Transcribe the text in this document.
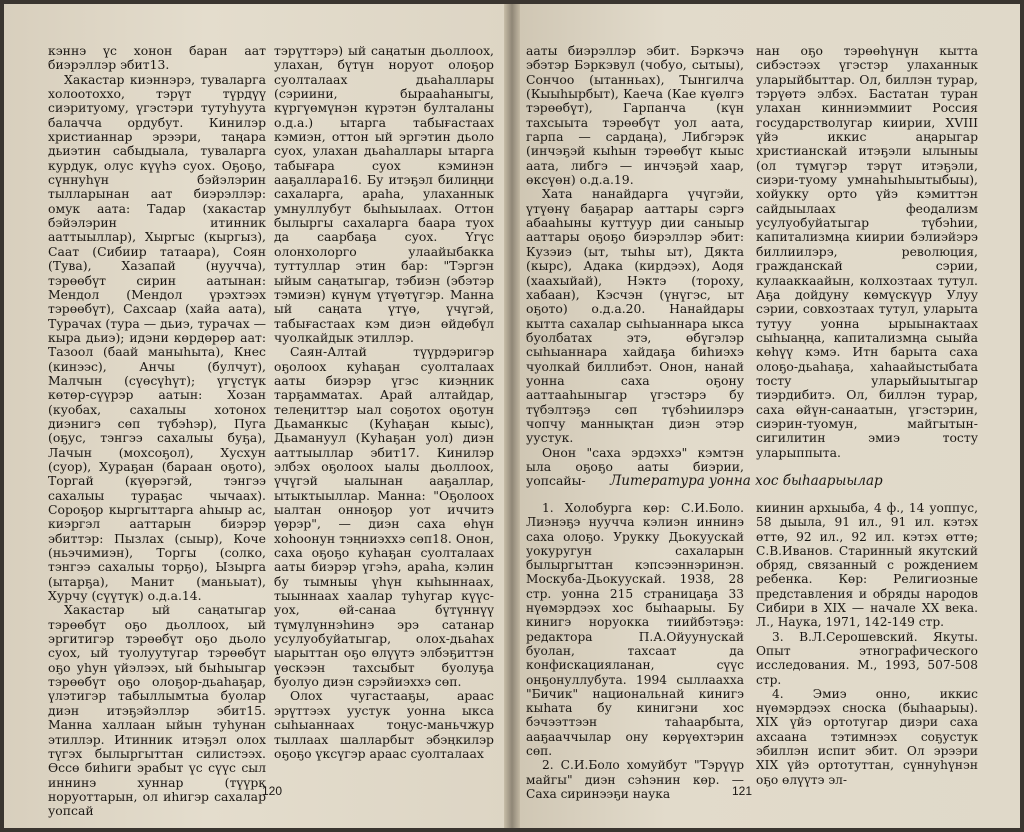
кэннэ үс хонон баран аат биэрэллэр эбит13.

Хакастар киэннэрэ, туваларга холоотоххо, тэрүт түрдүү сиэритуому, үгэстэри тутуһуута балачча ордубут. Кинилэр христианнар эрээри, таңара дьиэтин сабыдыала, туваларга курдук, олус күүһэ суох. Оҕоҕо, сүннуһүн бэйэлэрин тылларынан аат биэрэллэр: омук аата: Тадар (хакастар бэйэлэрин итинник ааттыыллар), Хыргыс (кыргыз), Саат (Сибиир татаара), Соян (Тува), Хазапай (нуучча), тэрөөбүт сирин аатынан: Мендол (Мендол үрэхтээх тэрөөбүт), Сахсаар (хайа аата), Турачах (тура — дьиэ, турачах — кыра дьиэ); идэни көрдөрөр аат: Тазоол (баай маныһыта), Кнес (кинээс), Анчы (булчут), Малчын (сүөсүһүт); үгүстүк көтөр-сүүрэр аатын: Хозан (куобах, сахалыы хотонох диэнигэ сөп түбэһэр), Пуга (оҕус, тэнгээ сахалыы буҕа), Лачын (мохсоҕол), Хусхун (суор), Хураҕан (бараан оҕото), Торгай (күөрэгэй, тэнгээ сахалыы тураҕас чычаах). Сороҕор кыргыттарга аһыыр ас, киэргэл ааттарын биэрэр эбиттэр: Пызлах (сыыр), Коче (ньэчимиэн), Торгы (солко, тэнгээ сахалыы торҕо), Ызырга (ытарҕа), Манит (маньыат), Хурчу (сүүтүк) о.д.а.14.

Хакастар ый саңатыгар тэрөөбүт оҕо дьоллоох, ый эргитигэр тэрөөбүт оҕо дьоло суох, ый туолуутугар тэрөөбүт оҕо уһун үйэлээх, ый быһыыгар тэрөөбүт оҕо олоҕор-дьаһаҕар, үлэтигэр табыллымтыа буолар диэн итэҕэйэллэр эбит15. Манна халлаан ыйын туһунан этиллэр. Итинник итэҕэл олох түгэх былыргыттан силистээх. Өссө биһиги эрабыт үс сүүс сыл иннинэ хуннар (түүрк норуоттарын, ол иһигэр сахалар уопсай

тэрүттэрэ) ый саңатын дьоллоох, улахан, бүтүн норуот олоҕор суолталаах дьаһаллары (сэриини, бырааһаныгы, күргүөмүнэн күрэтэн булталаны о.д.а.) ытарга табығастаах кэмиэн, оттон ый эргэтин дьоло суох, улахан дьаһаллары ытарга табығара суох кэминэн ааҕаллара16. Бу итэҕэл билиңңи сахаларга, араһа, улаханнык умнуллубут быһыылаах. Оттон былыргы сахаларга баара туох да саарбаҕа суох. Үгүс олонхолорго улаайыбакка туттуллар этин бар: "Тэргэн ыйым саңатыгар, тэбиэн (эбэтэр тэмиэн) күнүм үтүөтүгэр. Манна ый саңата үтүө, үчүгэй, табығастаах кэм диэн өйдөбүл чуолкайдык этиллэр.

Саян-Алтай түүрдэригэр оҕолоох куһаҕан суолталаах ааты биэрэр үгэс киэңник тарҕамматах. Арай алтайдар, телеңиттэр ыал соҕотох оҕотун Дьаманкыс (Куһаҕан кыыс), Дьамануул (Куһаҕан уол) диэн ааттыыллар эбит17. Кинилэр элбэх оҕолоох ыалы дьоллоох, үчүгэй ыалынан ааҕаллар, ытыктыыллар. Манна: "Оҕолоох ыалтан онноҕор уот иччитэ үөрэр", — диэн саха өһүн хоһоонун тэңниэххэ сөп18. Онон, саха оҕоҕо куһаҕан суолталаах ааты биэрэр үгэһэ, араһа, кэлин бу тымныы үһүн кыһыннаах, тыыннаах хаалар туһугар күүс-уох, өй-санаа бүтүннүү түмүлүннэһинэ эрэ сатанар усулуобуйатыгар, олох-дьаһах ыарыттан оҕо өлүүтэ элбэҕиттэн үөскээн тахсыбыт буолуҕа буолуо диэн сэрэйиэххэ сөп.

Олох чугастааҕы, араас эрүттээх уустук уонна ыкса сыһыаннаах тоңус-маньчжур тыллаах шалларбыт эбэңкилэр оҕоҕо үксүгэр араас суолталаах

120

ааты биэрэллэр эбит. Бэркэчэ эбэтэр Бэркэвул (чобуо, сытыы), Сончоо (ытанньах), Тынгилча (Кыыһырбыт), Каеча (Кае күөлгэ тэрөөбүт), Гарпанча (күн тахсыыта тэрөөбүт уол аата, гарпа — сардаңа), Либгэрэк (инчэҕэй кыһын тэрөөбүт кыыс аата, либгэ — инчэҕэй хаар, өксүөн) о.д.а.19.

Хата нанайдарга үчүгэйи, үтүөнү баҕарар ааттары сэргэ абааһыны куттуур дии саныыр ааттары оҕоҕо биэрэллэр эбит: Кузэиэ (ыт, тыһы ыт), Дякта (кырс), Адака (кирдээх), Аодя (хаахыйай), Нэктэ (тороху, хабаан), Кэсчэн (үнүгэс, ыт оҕото) о.д.а.20. Нанайдары кытта сахалар сыһыаннара ыкса буолбатах этэ, өбүгэлэр сыһыаннара хайдаҕа биһиэхэ чуолкай биллибэт. Онон, нанай уонна саха оҕону ааттааһыныгар үгэстэрэ бу түбэлтэҕэ сөп түбэһиилэрэ чопчу маннықтан диэн этэр уустук.

Онон "саха эрдэххэ" кэмтэн ыла оҕоҕо ааты биэрии, уопсайы-

нан оҕо тэрөөһүнүн кытта сибэстээх үгэстэр улаханнык уларыйбыттар. Ол, биллэн турар, тэрүөтэ элбэх. Бастатан туран улахан кинниэммиит Россия государстволугар киирии, XVIII үйэ иккис аңарыгар христианскай итэҕэли ылыныы (ол түмүгэр тэрүт итэҕэли, сиэри-туому умнаһыһыытыбыы), хойукку орто үйэ кэмиттэн сайдыылаах феодализм усулуобуйатыгар түбэһии, капитализмңа киирии бэлиэйэрэ биллиилэрэ, революция, гражданскай сэрии, кулааккаайын, колхозтаах тутул. Аҕа дойдуну көмүскүүр Улуу сэрии, совхозтаах тутул, уларыта тутуу уонна ырыынактаах сыһыаңңа, капитализмңа сыыйа көһүү кэмэ. Итн барыта саха олоҕо-дьаһаҕа, хаһаайыстыбата тосту уларыйыытыгар тиэрдибитэ. Ол, биллэн турар, саха өйүн-санаатын, үгэстэрин, сиэрин-туомун, майгытын-сигилитин эмиэ тосту уларыппыта.

Литература уонна хос быһаарыылар

1. Холобурга көр: С.И.Боло. Лиэнэҕэ нуучча кэлиэн иннинэ саха олоҕо. Урукку Дьокуускай уокуругун сахаларын былыргыттан кэпсээннэринэн. Москуба-Дьокуускай. 1938, 28 стр. уонна 215 страницаҕа 33 нүөмэрдээх хос быһаарыы. Бу кинигэ норуокка тиийбэтэҕэ: редактора П.А.Ойуунускай буолан, тахсаат да конфискацияланан, сүүс онҕонуллубута. 1994 сыллаахха "Бичик" национальнай кинигэ кыһата бу кинигэни хос бэчээттээн таһаарбыта, ааҕааччылар ону көрүөхтэрин сөп.

2. С.И.Боло хомуйбут "Тэрүүр майгы" диэн сэһэнин көр. — Саха сиринээҕи наука

киинин архыыба, 4 ф., 14 уоппус, 58 дыыла, 91 ил., 91 ил. кэтэх өттө, 92 ил., 92 ил. кэтэх өттө; С.В.Иванов. Старинный якутский обряд, связанный с рождением ребенка. Көр: Религиозные представления и обряды народов Сибири в XIX — начале XX века. Л., Наука, 1971, 142-149 стр.

3. В.Л.Серошевский. Якуты. Опыт этнографического исследования. М., 1993, 507-508 стр.

4. Эмиэ онно, иккис нүөмэрдээх сноска (быһаарыы). XIX үйэ ортотугар диэри саха ахсаана тэтимнээх соҕустук эбиллэн испит эбит. Ол эрээри XIX үйэ ортотуттан, сүннуһүнэн оҕо өлүүтэ эл-

121
